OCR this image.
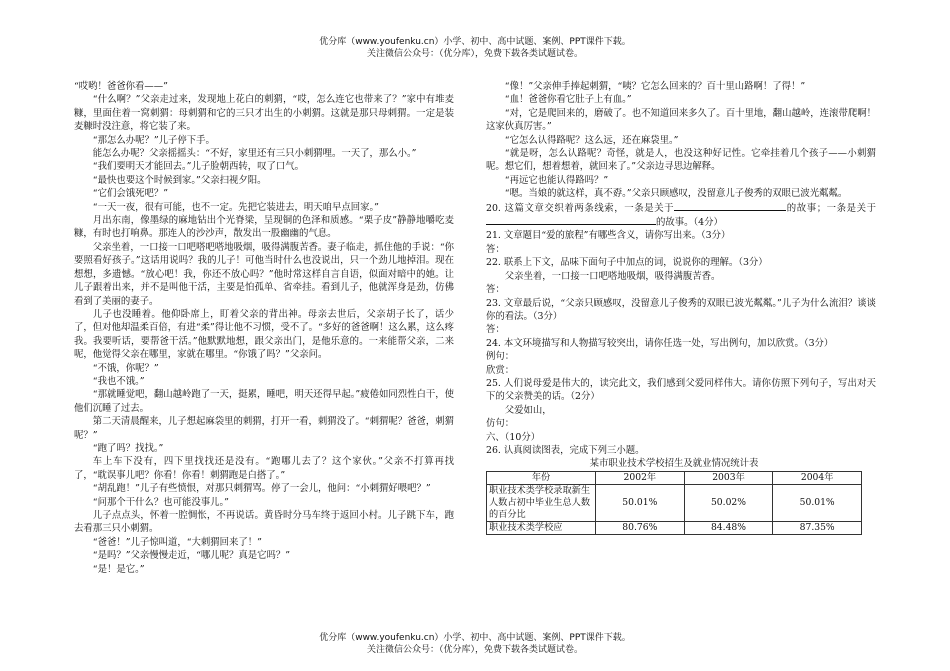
优分库（www.youfenku.cn）小学、初中、高中试题、案例、PPT课件下载。
关注微信公众号：（优分库），免费下载各类试题试卷。

“哎哟！爸爸你看——”

“什么啊？”父亲走过来，发现地上花白的刺猬，“哎，怎么连它也带来了？”家中有堆麦糠，里面住着一窝刺猬：母刺猬和它的三只才出生的小刺猬。这就是那只母刺猬。一定是装麦糠时没注意，将它装了来。

“那怎么办呢？”儿子停下手。

能怎么办呢？父亲摇摇头：“不好，家里还有三只小刺猬哩。一天了，那么小。”

“我们要明天才能回去。”儿子脸朝西转，叹了口气。

“最快也要这个时候到家。”父亲扫视夕阳。

“它们会饿死吧？”

“一天一夜，很有可能，也不一定。先把它装进去，明天咱早点回家。”

月出东南，像墨绿的麻地钻出个光脊梁，呈现铜的色泽和质感。“栗子皮”静静地嚼吃麦糠，有时也打响鼻。那连人的沙沙声，散发出一股幽幽的气息。

父亲坐着，一口接一口吧嗒吧嗒地吸烟，吸得满腹苦香。妻子临走，抓住他的手说：“你要照看好孩子。”这话用说吗？我的儿子！可他当时什么也没说出，只一个劲儿地掉泪。现在想想，多遗憾。“放心吧！我，你还不放心吗？”他时常这样自言自语，似面对暗中的她。让儿子跟着出来，并不是叫他干活，主要是怕孤单、省牵挂。看到儿子，他就浑身是劲，仿佛看到了美丽的妻子。

儿子也没睡着。他仰卧席上，盯着父亲的背出神。母亲去世后，父亲胡子长了，话少了，但对他却温柔百倍，有进“柔”得让他不习惯，受不了。“多好的爸爸啊！这么累，这么疼我。我要听话，要帮爸干活。”他默默地想，跟父亲出门，是他乐意的。一来能帮父亲，二来呢，他觉得父亲在哪里，家就在哪里。“你饿了吗？”父亲问。

“不饿，你呢？”

“我也不饿。”

“那就睡觉吧，翻山越岭跑了一天，挺累，睡吧，明天还得早起。”疲倦如同烈性白干，使他们沉睡了过去。

第二天清晨醒来，儿子想起麻袋里的刺猬，打开一看，刺猬没了。“刺猬呢？爸爸，刺猬呢？”

“跑了吗？找找。”

车上车下没有，四下里找找还是没有。“跑哪儿去了？这个家伙。”父亲不打算再找了，“耽误事儿吧？你看！你看！刺猬跑是白搭了。”

“胡乱跑！”儿子有些愤恨，对那只刺猬骂。停了一会儿，他问：“小刺猬好喂吧？”

“问那个干什么？也可能没事儿。”

儿子点点头，怀着一腔惆怅，不再说话。黄昏时分马车终于返回小村。儿子跳下车，跑去看那三只小刺猬。

“爸爸！”儿子惊叫道，“大刺猬回来了！”

“是吗？”父亲慢慢走近，“哪儿呢？真是它吗？”

“是！是它。”

“像！”父亲伸手捧起刺猬，“咦？它怎么回来的？百十里山路啊！了得！”

“血！爸爸你看它肚子上有血。”

“对，它是爬回来的，磨破了。也不知道回来多久了。百十里地，翻山越岭，连滚带爬啊！这家伙真厉害。”

“它怎么认得路呢？这么远，还在麻袋里。”

“就是呀，怎么认路呢？奇怪，就是人，也没这种好记性。它牵挂着几个孩子——小刺猬呢。想它们，想着想着，就回来了。”父亲边寻思边解释。

“再远它也能认得路吗？”

“嗯。当娘的就这样，真不孬。”父亲只顾感叹，没留意儿子俊秀的双眼已波光粼粼。

20. 这篇文章交织着两条线索，一条是关于	的故事；一条是关于的故事。（4分）

21. 文章题目“爱的旅程”有哪些含义，请你写出来。（3分）

答：

22. 联系上下文，品味下面句子中加点的词，说说你的理解。（3分）

父亲坐着，一口接一口吧嗒地吸烟，吸得满腹苦香。

答：

23. 文章最后说，“父亲只顾感叹，没留意儿子俊秀的双眼已波光粼粼。”儿子为什么流泪？谈谈你的看法。（3分）

答：

24. 本文环境描写和人物描写较突出，请你任选一处，写出例句，加以欣赏。（3分）

例句：

欣赏：

25. 人们说母爱是伟大的，读完此文，我们感到父爱同样伟大。请你仿照下列句子，写出对天下的父亲赞美的话。（2分）

父爱如山，

仿句：

六、（10分）

26. 认真阅读图表，完成下列三小题。

某市职业技术学校招生及就业情况统计表
年份	2002年	2003年	2004年
职业技术类学校录取新生人数占初中毕业生总人数的百分比	50.01%	50.02%	50.01%
职业技术类学校应	80.76%	84.48%	87.35%
优分库（www.youfenku.cn）小学、初中、高中试题、案例、PPT课件下载。
关注微信公众号：（优分库），免费下载各类试题试卷。
